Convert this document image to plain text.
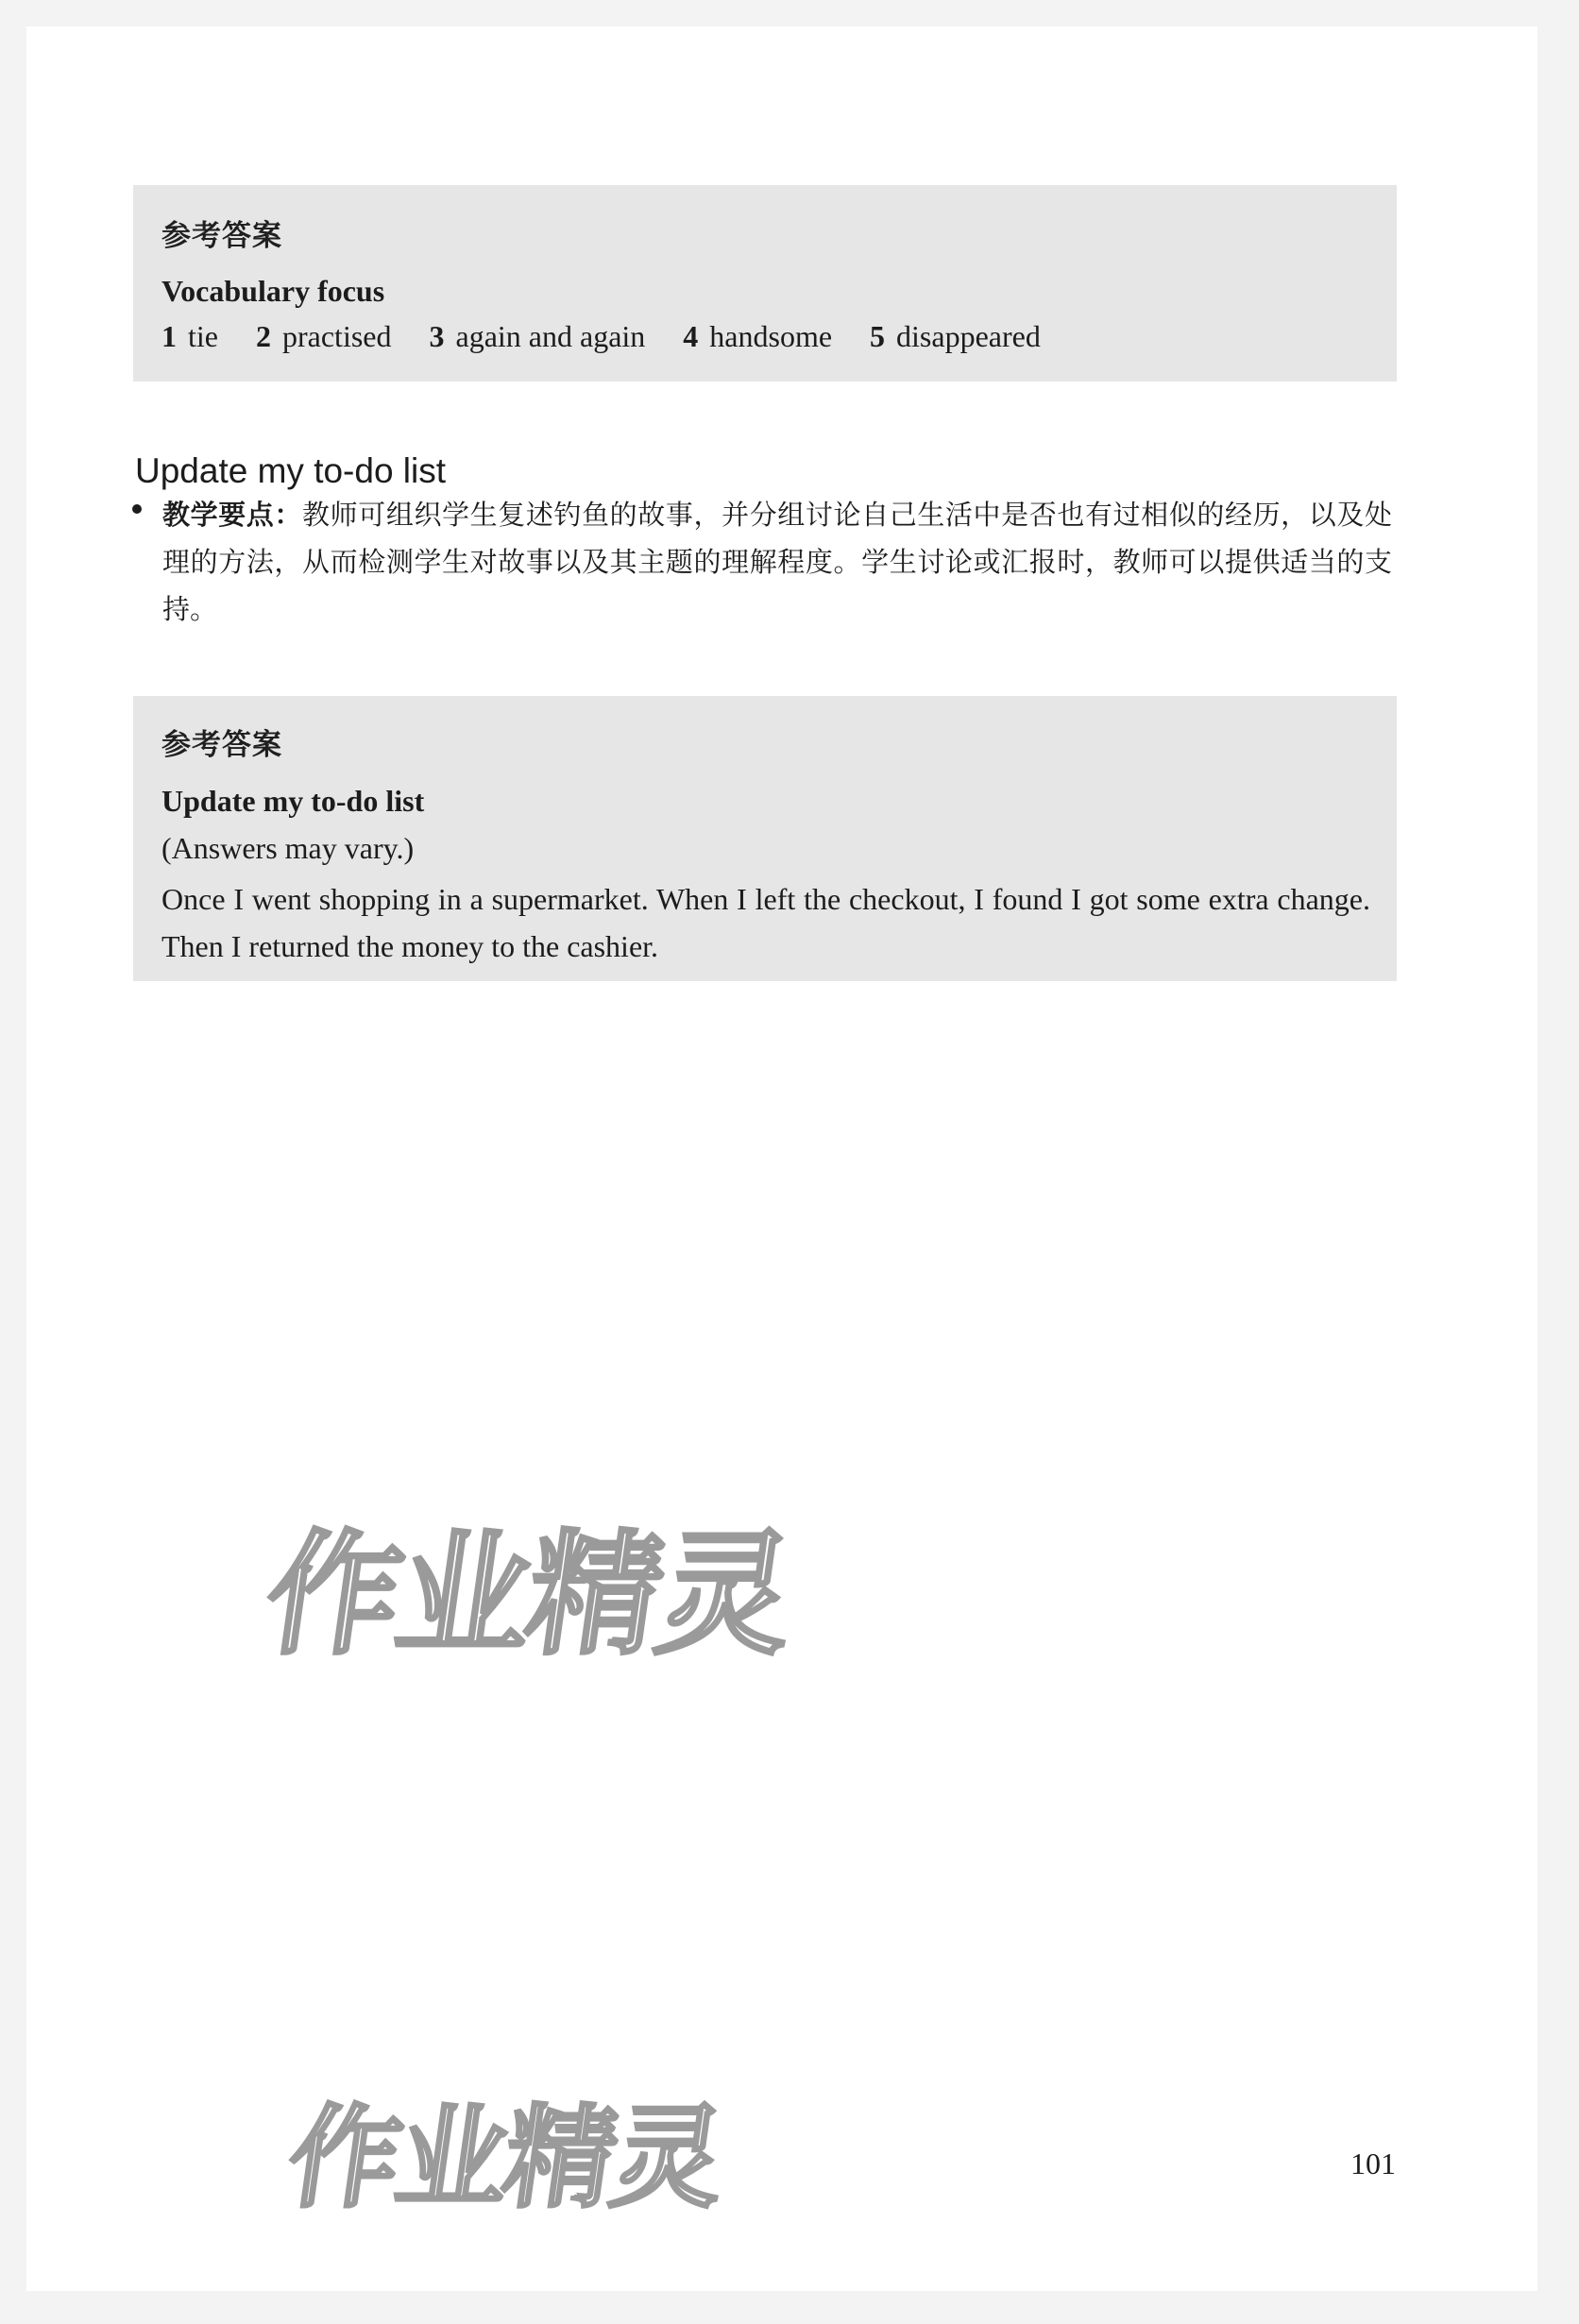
参考答案
Vocabulary focus
1 tie 2 practised 3 again and again 4 handsome 5 disappeared
Update my to-do list
教学要点：教师可组织学生复述钓鱼的故事，并分组讨论自己生活中是否也有过相似的经历，以及处理的方法，从而检测学生对故事以及其主题的理解程度。学生讨论或汇报时，教师可以提供适当的支持。
参考答案
Update my to-do list
(Answers may vary.)
Once I went shopping in a supermarket. When I left the checkout, I found I got some extra change. Then I returned the money to the cashier.
作业精灵
作业精灵	101
